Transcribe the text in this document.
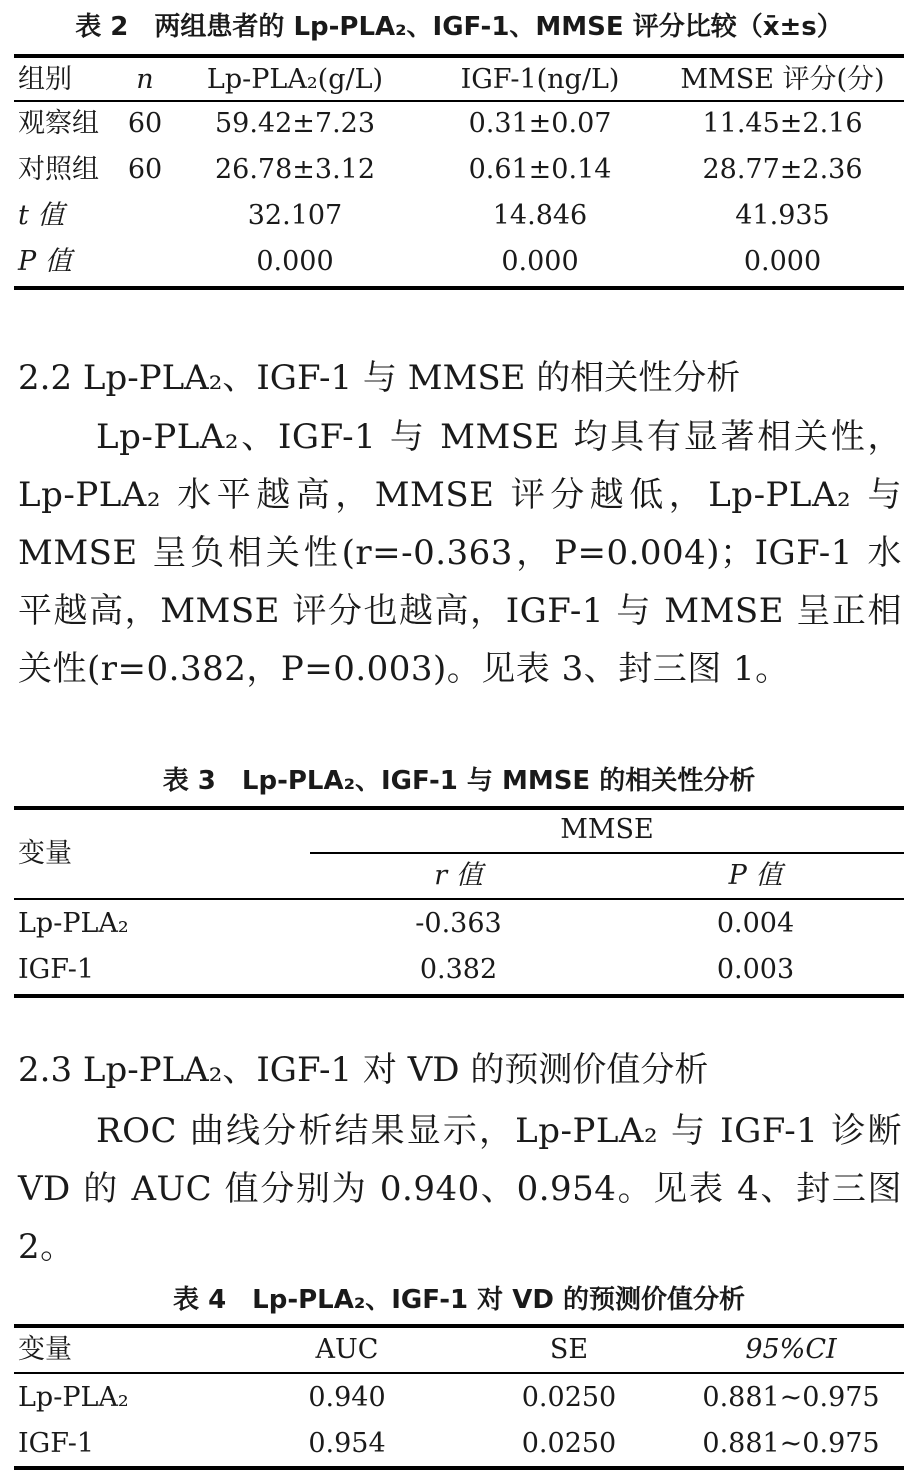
表 2　两组患者的 Lp-PLA₂、IGF-1、MMSE 评分比较（x̄±s）
组别	n	Lp-PLA₂(g/L)	IGF-1(ng/L)	MMSE 评分(分)
观察组	60	59.42±7.23	0.31±0.07	11.45±2.16
对照组	60	26.78±3.12	0.61±0.14	28.77±2.36
t 值	32.107	14.846	41.935
P 值	0.000	0.000	0.000
2.2 Lp-PLA₂、IGF-1 与 MMSE 的相关性分析
Lp-PLA₂、IGF-1 与 MMSE 均具有显著相关性，Lp-PLA₂ 水平越高，MMSE 评分越低，Lp-PLA₂ 与 MMSE 呈负相关性(r=-0.363，P=0.004)；IGF-1 水平越高，MMSE 评分也越高，IGF-1 与 MMSE 呈正相关性(r=0.382，P=0.003)。见表 3、封三图 1。
表 3　Lp-PLA₂、IGF-1 与 MMSE 的相关性分析
变量
MMSE
r 值	P 值
Lp-PLA₂	-0.363	0.004
IGF-1	0.382	0.003
2.3 Lp-PLA₂、IGF-1 对 VD 的预测价值分析
ROC 曲线分析结果显示，Lp-PLA₂ 与 IGF-1 诊断 VD 的 AUC 值分别为 0.940、0.954。见表 4、封三图 2。
表 4　Lp-PLA₂、IGF-1 对 VD 的预测价值分析
变量	AUC	SE	95%CI
Lp-PLA₂	0.940	0.0250	0.881~0.975
IGF-1	0.954	0.0250	0.881~0.975
